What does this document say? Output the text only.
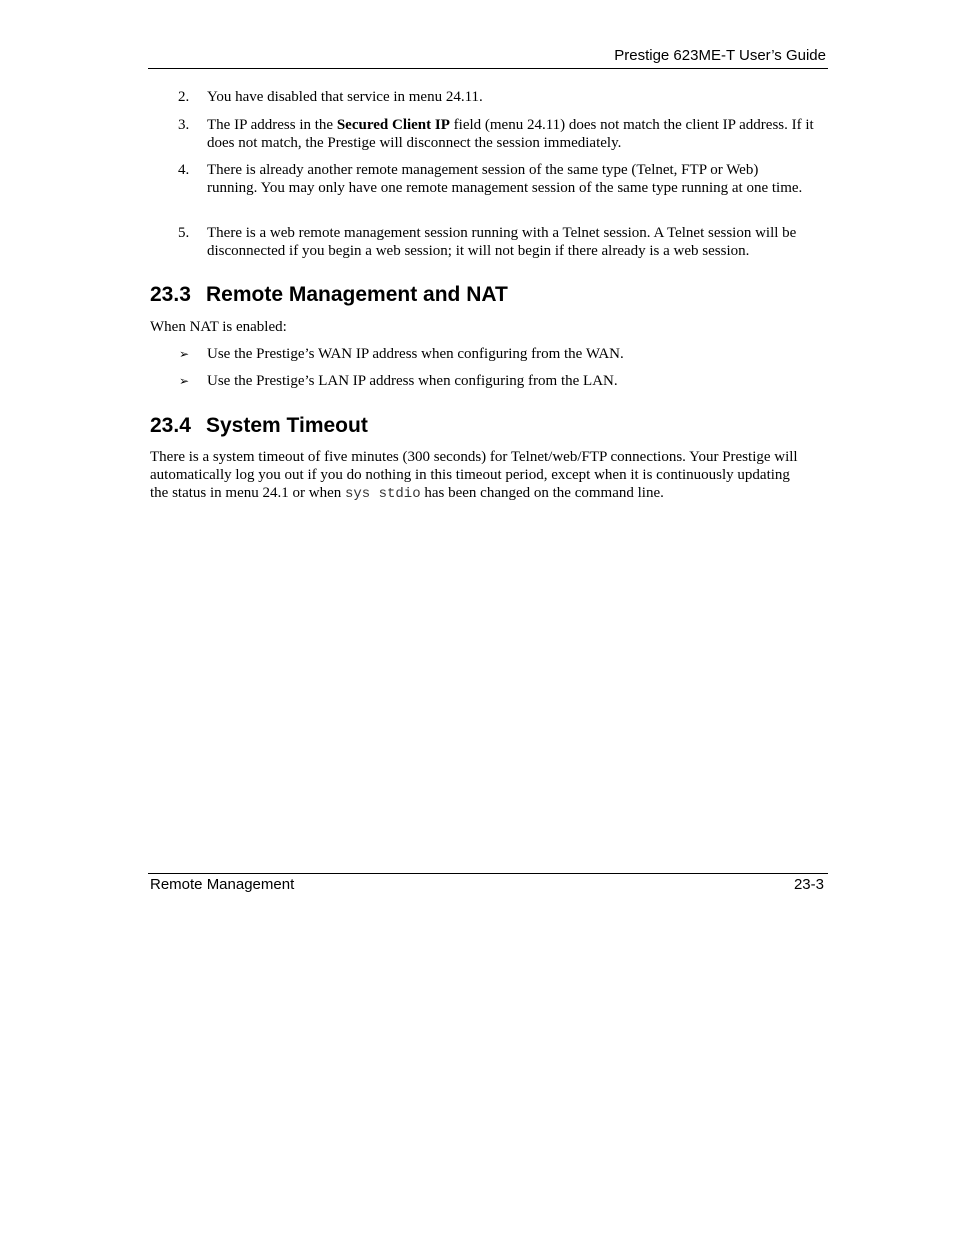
Prestige 623ME-T User’s Guide
2. You have disabled that service in menu 24.11.
3. The IP address in the Secured Client IP field (menu 24.11) does not match the client IP address. If it does not match, the Prestige will disconnect the session immediately.
4. There is already another remote management session of the same type (Telnet, FTP or Web) running. You may only have one remote management session of the same type running at one time.
5. There is a web remote management session running with a Telnet session. A Telnet session will be disconnected if you begin a web session; it will not begin if there already is a web session.
23.3 Remote Management and NAT
When NAT is enabled:
➢ Use the Prestige’s WAN IP address when configuring from the WAN.
➢ Use the Prestige’s LAN IP address when configuring from the LAN.
23.4 System Timeout
There is a system timeout of five minutes (300 seconds) for Telnet/web/FTP connections. Your Prestige will automatically log you out if you do nothing in this timeout period, except when it is continuously updating the status in menu 24.1 or when sys stdio has been changed on the command line.
Remote Management	23-3
